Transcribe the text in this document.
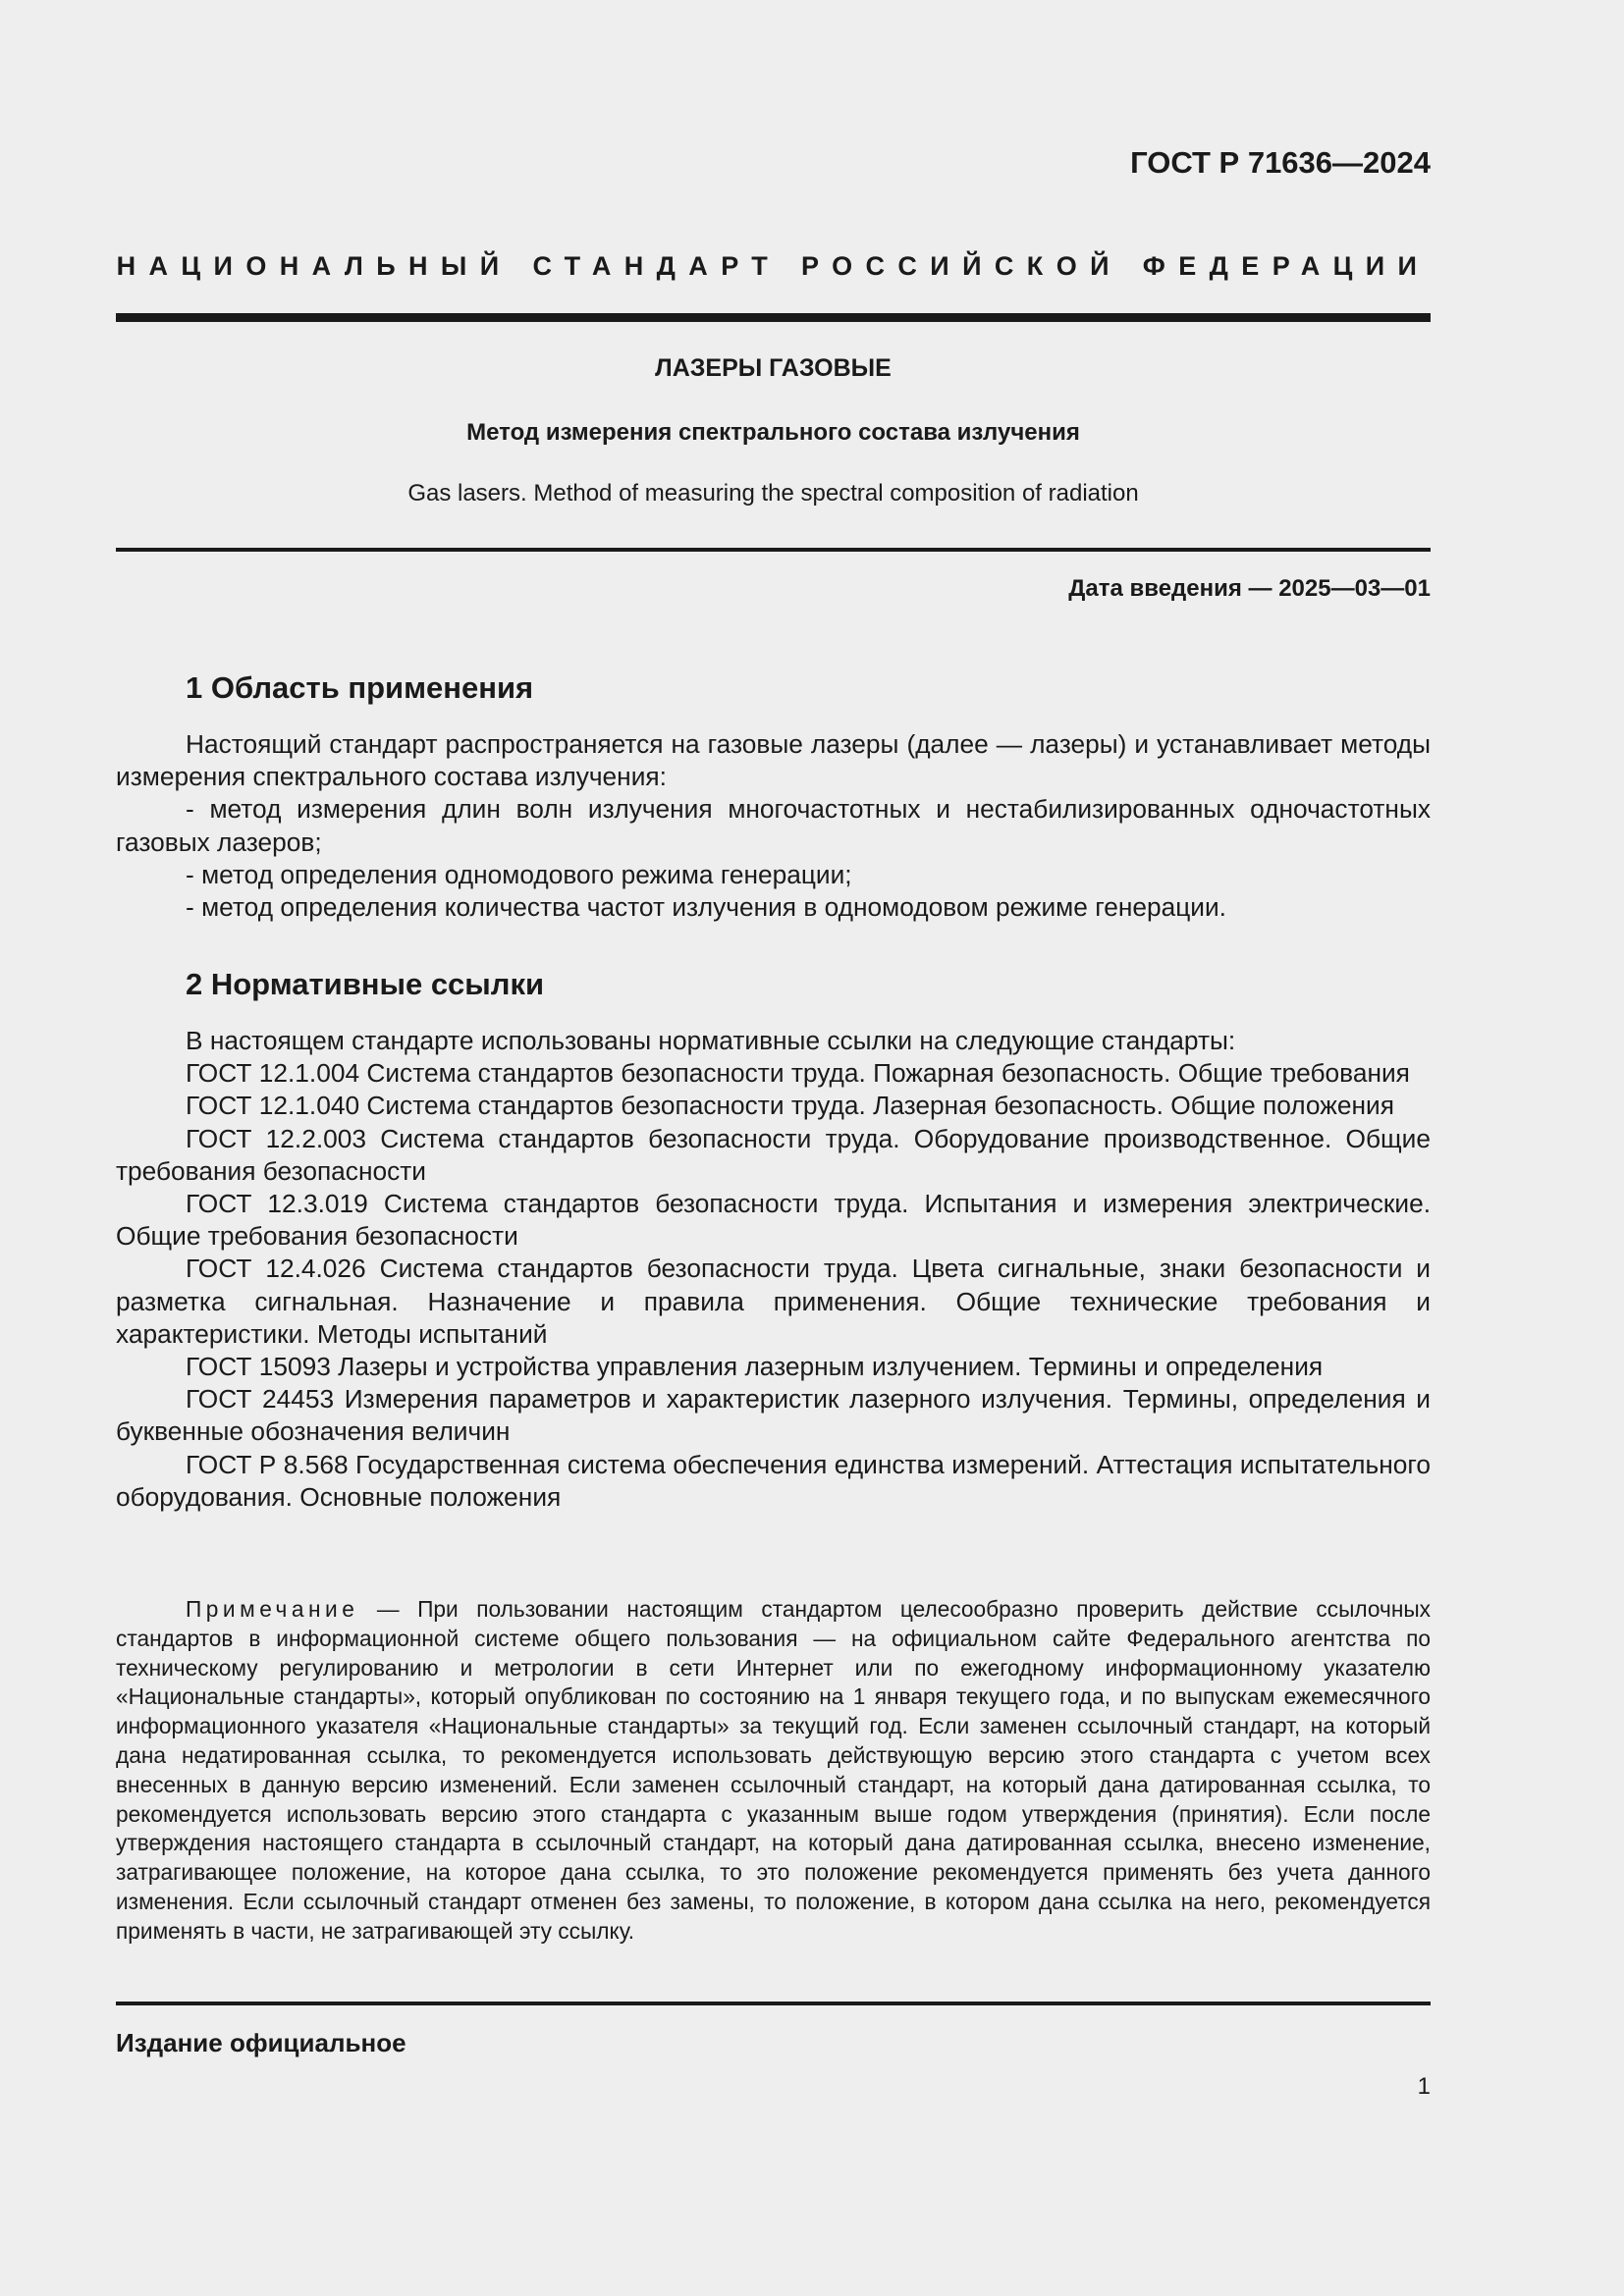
ГОСТ Р 71636—2024
НАЦИОНАЛЬНЫЙ СТАНДАРТ РОССИЙСКОЙ ФЕДЕРАЦИИ
ЛАЗЕРЫ ГАЗОВЫЕ
Метод измерения спектрального состава излучения
Gas lasers. Method of measuring the spectral composition of radiation
Дата введения — 2025—03—01
1 Область применения

Настоящий стандарт распространяется на газовые лазеры (далее — лазеры) и устанавливает методы измерения спектрального состава излучения:

- метод измерения длин волн излучения многочастотных и нестабилизированных одночастотных газовых лазеров;

- метод определения одномодового режима генерации;

- метод определения количества частот излучения в одномодовом режиме генерации.

2 Нормативные ссылки

В настоящем стандарте использованы нормативные ссылки на следующие стандарты:

ГОСТ 12.1.004 Система стандартов безопасности труда. Пожарная безопасность. Общие требования

ГОСТ 12.1.040 Система стандартов безопасности труда. Лазерная безопасность. Общие положения

ГОСТ 12.2.003 Система стандартов безопасности труда. Оборудование производственное. Общие требования безопасности

ГОСТ 12.3.019 Система стандартов безопасности труда. Испытания и измерения электрические. Общие требования безопасности

ГОСТ 12.4.026 Система стандартов безопасности труда. Цвета сигнальные, знаки безопасности и разметка сигнальная. Назначение и правила применения. Общие технические требования и характеристики. Методы испытаний

ГОСТ 15093 Лазеры и устройства управления лазерным излучением. Термины и определения

ГОСТ 24453 Измерения параметров и характеристик лазерного излучения. Термины, определения и буквенные обозначения величин

ГОСТ Р 8.568 Государственная система обеспечения единства измерений. Аттестация испытательного оборудования. Основные положения

Примечание — При пользовании настоящим стандартом целесообразно проверить действие ссылочных стандартов в информационной системе общего пользования — на официальном сайте Федерального агентства по техническому регулированию и метрологии в сети Интернет или по ежегодному информационному указателю «Национальные стандарты», который опубликован по состоянию на 1 января текущего года, и по выпускам ежемесячного информационного указателя «Национальные стандарты» за текущий год. Если заменен ссылочный стандарт, на который дана недатированная ссылка, то рекомендуется использовать действующую версию этого стандарта с учетом всех внесенных в данную версию изменений. Если заменен ссылочный стандарт, на который дана датированная ссылка, то рекомендуется использовать версию этого стандарта с указанным выше годом утверждения (принятия). Если после утверждения настоящего стандарта в ссылочный стандарт, на который дана датированная ссылка, внесено изменение, затрагивающее положение, на которое дана ссылка, то это положение рекомендуется применять без учета данного изменения. Если ссылочный стандарт отменен без замены, то положение, в котором дана ссылка на него, рекомендуется применять в части, не затрагивающей эту ссылку.

Издание официальное
1
